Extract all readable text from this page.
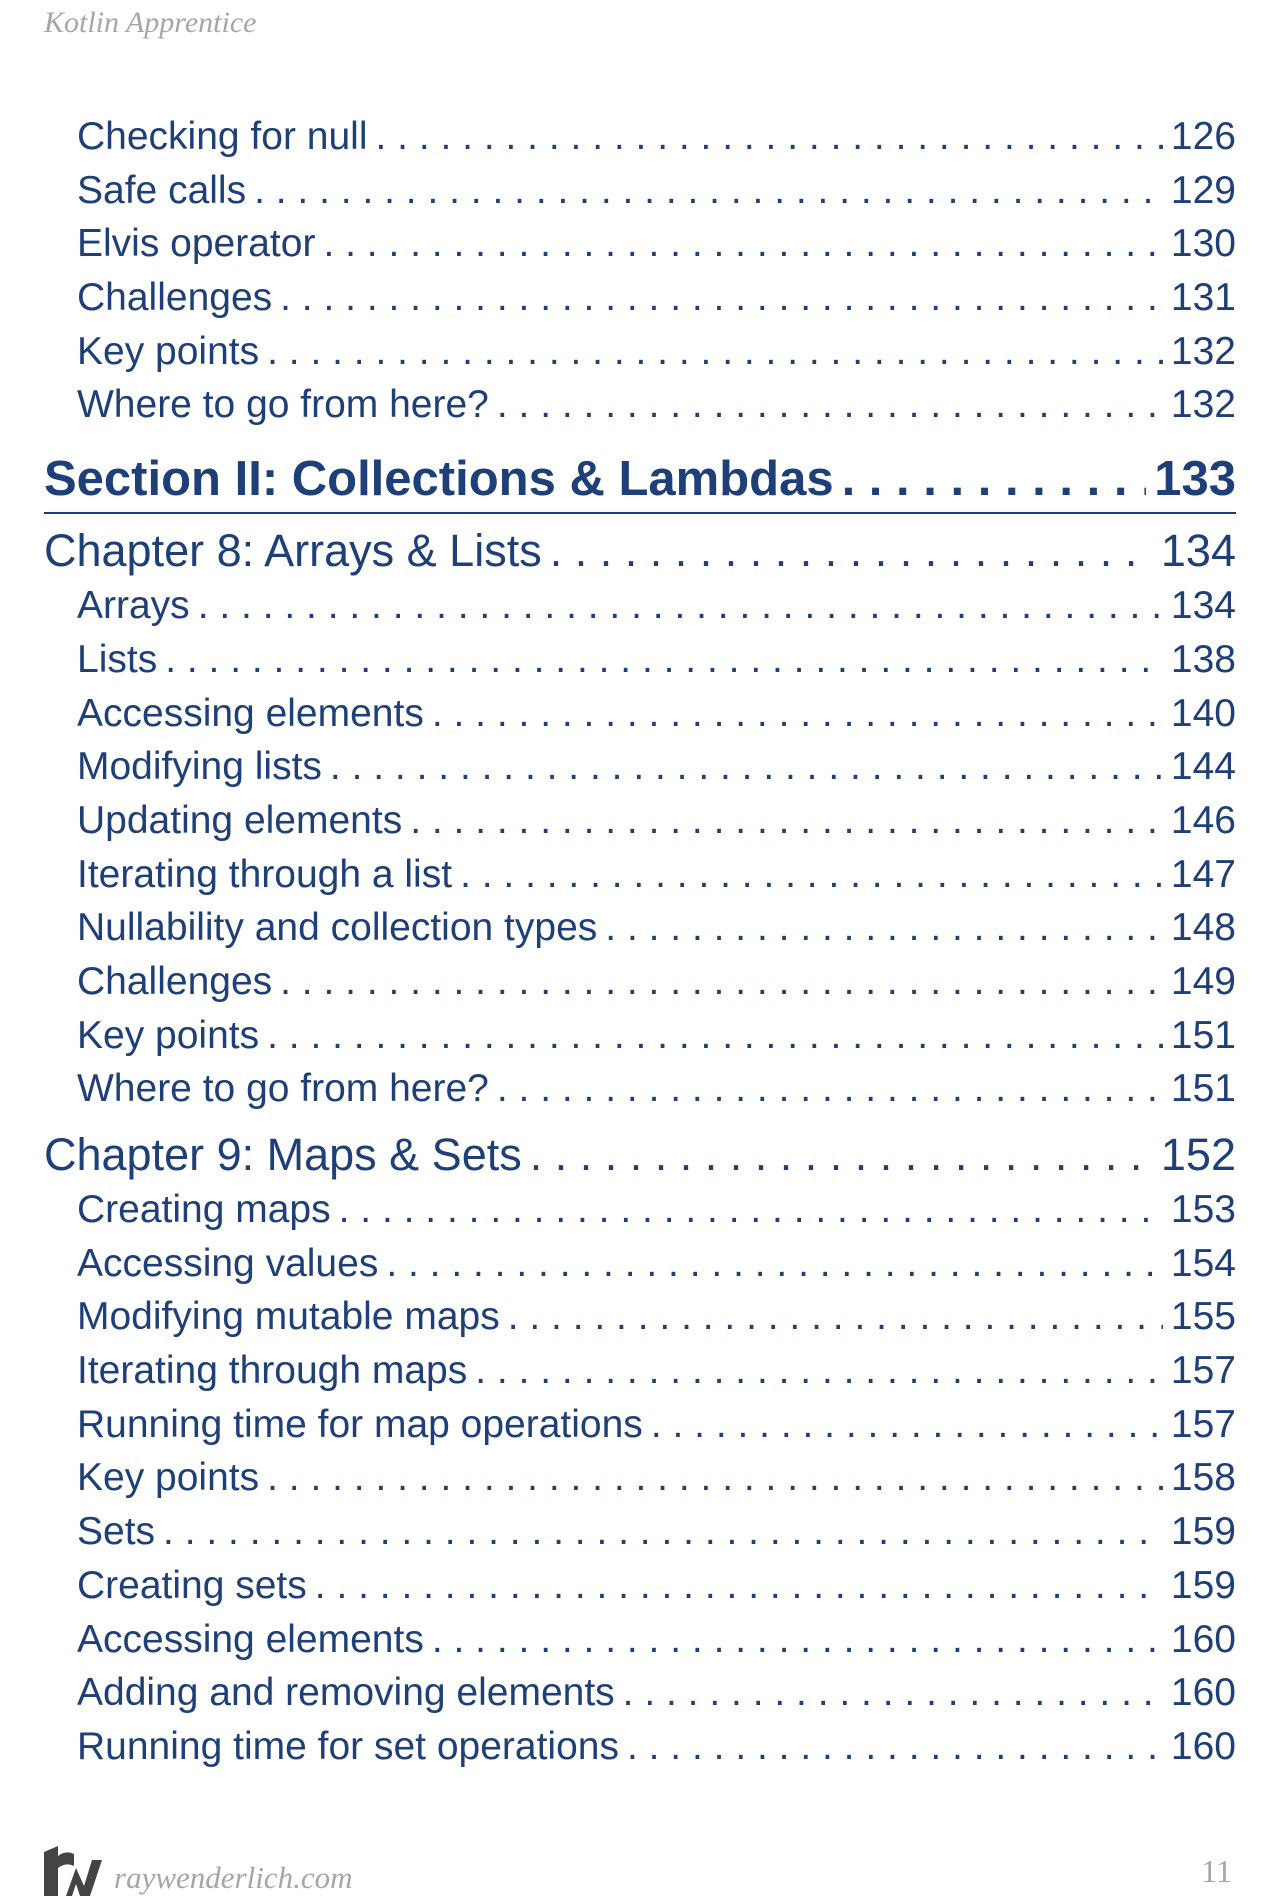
Kotlin Apprentice
Checking for null . . .	126
Safe calls . . .	129
Elvis operator . . .	130
Challenges . . .	131
Key points . . .	132
Where to go from here? . . .	132
Section II: Collections & Lambdas . . .	133
Chapter 8: Arrays & Lists . . .	134
Arrays . . .	134
Lists . . .	138
Accessing elements . . .	140
Modifying lists . . .	144
Updating elements . . .	146
Iterating through a list . . .	147
Nullability and collection types . . .	148
Challenges . . .	149
Key points . . .	151
Where to go from here? . . .	151
Chapter 9: Maps & Sets . . .	152
Creating maps . . .	153
Accessing values . . .	154
Modifying mutable maps . . .	155
Iterating through maps . . .	157
Running time for map operations . . .	157
Key points . . .	158
Sets . . .	159
Creating sets . . .	159
Accessing elements . . .	160
Adding and removing elements . . .	160
Running time for set operations . . .	160
raywenderlich.com	11
